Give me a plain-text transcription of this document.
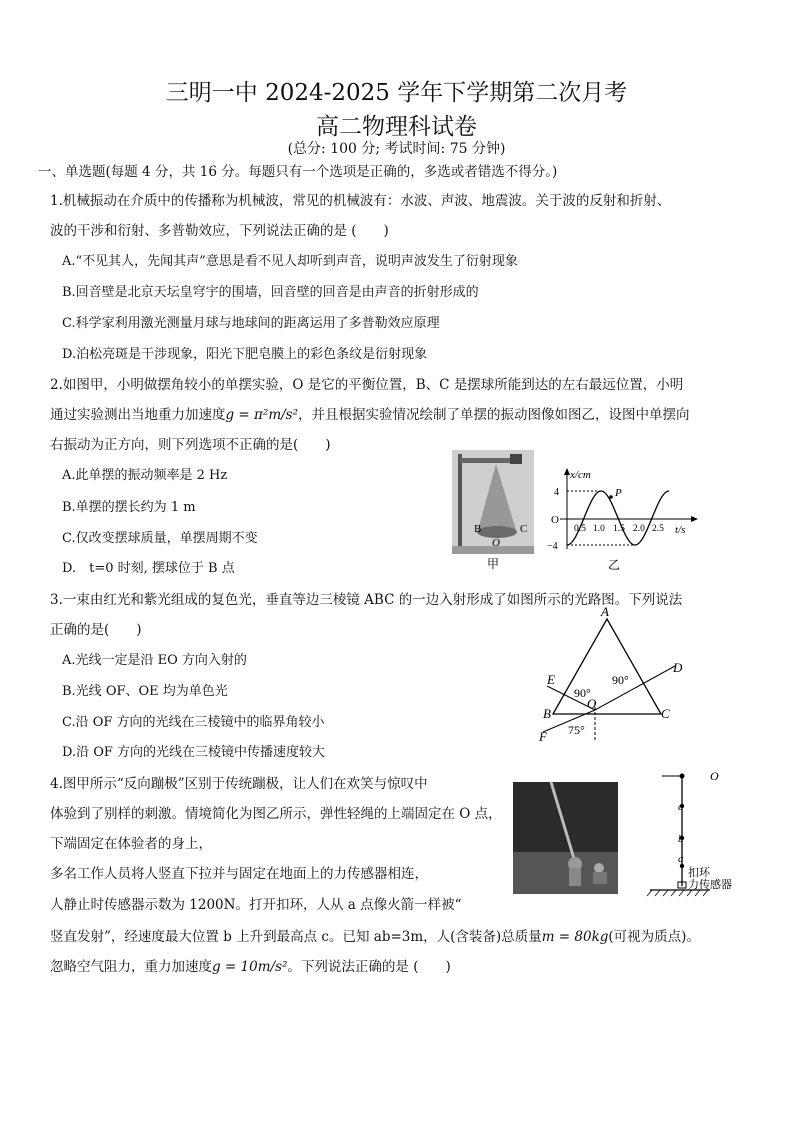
三明一中 2024-2025 学年下学期第二次月考
高二物理科试卷
(总分: 100 分; 考试时间: 75 分钟)
一、单选题(每题 4 分，共 16 分。每题只有一个选项是正确的，多选或者错选不得分。)
1.机械振动在介质中的传播称为机械波，常见的机械波有：水波、声波、地震波。关于波的反射和折射、
波的干涉和衍射、多普勒效应，下列说法正确的是 (　　)
A.“不见其人，先闻其声”意思是看不见人却听到声音，说明声波发生了衍射现象
B.回音壁是北京天坛皇穹宇的围墙，回音壁的回音是由声音的折射形成的
C.科学家利用激光测量月球与地球间的距离运用了多普勒效应原理
D.泊松亮斑是干涉现象，阳光下肥皂膜上的彩色条纹是衍射现象
2.如图甲，小明做摆角较小的单摆实验，O 是它的平衡位置，B、C 是摆球所能到达的左右最远位置，小明
通过实验测出当地重力加速度g = π²m/s²，并且根据实验情况绘制了单摆的振动图像如图乙，设图中单摆向
右振动为正方向，则下列选项不正确的是(　　)
A.此单摆的振动频率是 2 Hz
B.单摆的摆长约为 1 m
C.仅改变摆球质量，单摆周期不变
D.　t=0 时刻, 摆球位于 B 点
B
O
C
甲
x/cm
t/s
P
O
4
−4
0.5 1.0 1.5 2.0 2.5
乙
3.一束由红光和紫光组成的复色光，垂直等边三棱镜 ABC 的一边入射形成了如图所示的光路图。下列说法
正确的是(　　)
A.光线一定是沿 EO 方向入射的
B.光线 OF、OE 均为单色光
C.沿 OF 方向的光线在三棱镜中的临界角较小
D.沿 OF 方向的光线在三棱镜中传播速度较大
A
B	C
D
E
F
O
90°
90°
75°
4.图甲所示“反向蹦极”区别于传统蹦极，让人们在欢笑与惊叹中
体验到了别样的刺激。情境简化为图乙所示，弹性轻绳的上端固定在 O 点，
下端固定在体验者的身上，
多名工作人员将人竖直下拉并与固定在地面上的力传感器相连，
人静止时传感器示数为 1200N。打开扣环，人从 a 点像火箭一样被“
竖直发射”，经速度最大位置 b 上升到最高点 c。已知 ab=3m，人(含装备)总质量m = 80kg(可视为质点)。
忽略空气阻力，重力加速度g = 10m/s²。下列说法正确的是 (　　)
O
c
b
a
扣环
力传感器
